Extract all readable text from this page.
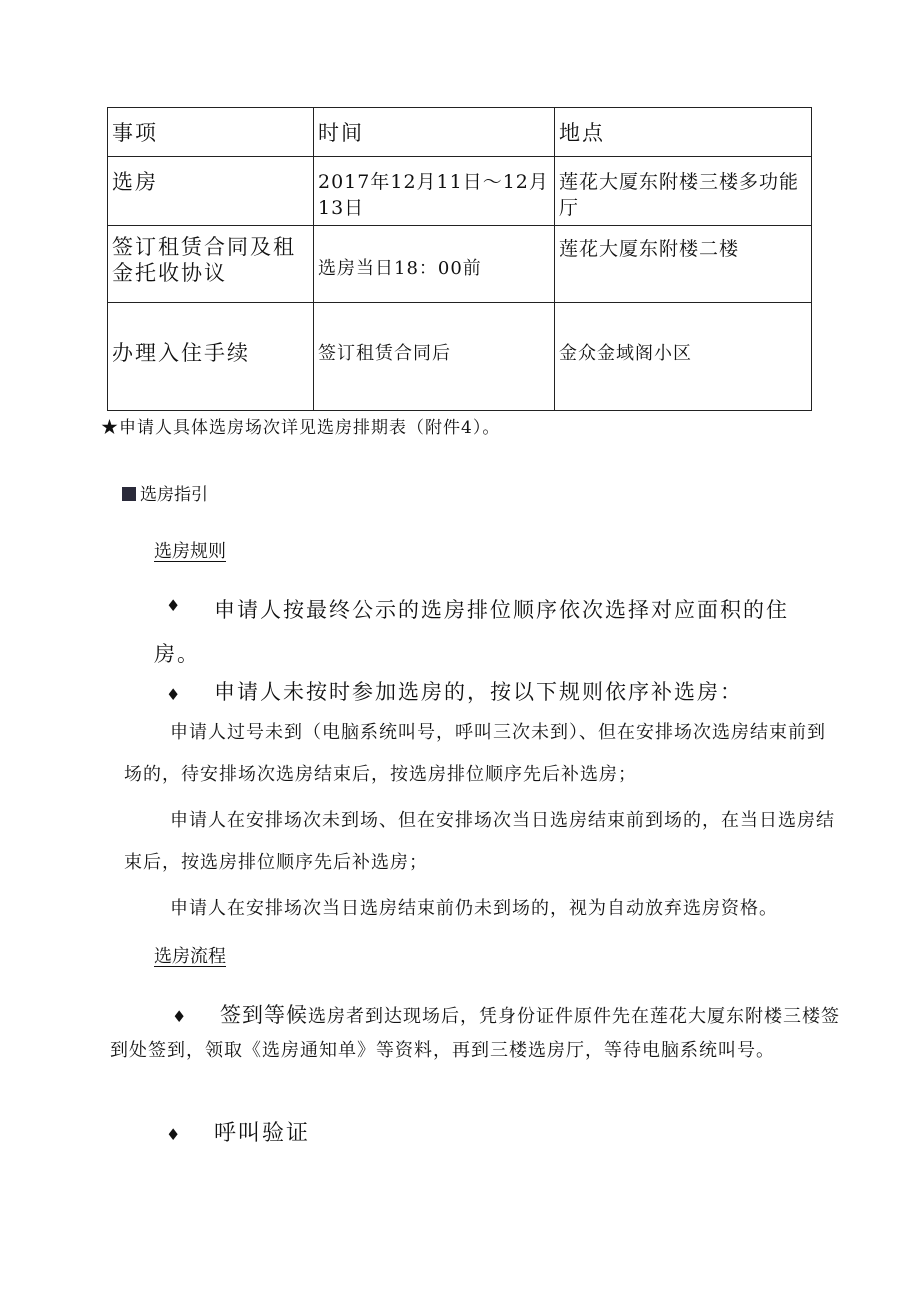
事项	时间	地点

选房	2017年12月11日～12月13日	莲花大厦东附楼三楼多功能厅

签订租赁合同及租金托收协议	选房当日18：00前	莲花大厦东附楼二楼

办理入住手续	签订租赁合同后	金众金域阁小区
★申请人具体选房场次详见选房排期表（附件4）。
选房指引
选房规则
♦	申请人按最终公示的选房排位顺序依次选择对应面积的住房。
♦ 申请人未按时参加选房的，按以下规则依序补选房：
申请人过号未到（电脑系统叫号，呼叫三次未到）、但在安排场次选房结束前到场的，待安排场次选房结束后，按选房排位顺序先后补选房；
申请人在安排场次未到场、但在安排场次当日选房结束前到场的，在当日选房结束后，按选房排位顺序先后补选房；
申请人在安排场次当日选房结束前仍未到场的，视为自动放弃选房资格。
选房流程
♦	签到等候选房者到达现场后，凭身份证件原件先在莲花大厦东附楼三楼签到处签到，领取《选房通知单》等资料，再到三楼选房厅，等待电脑系统叫号。
♦ 呼叫验证
